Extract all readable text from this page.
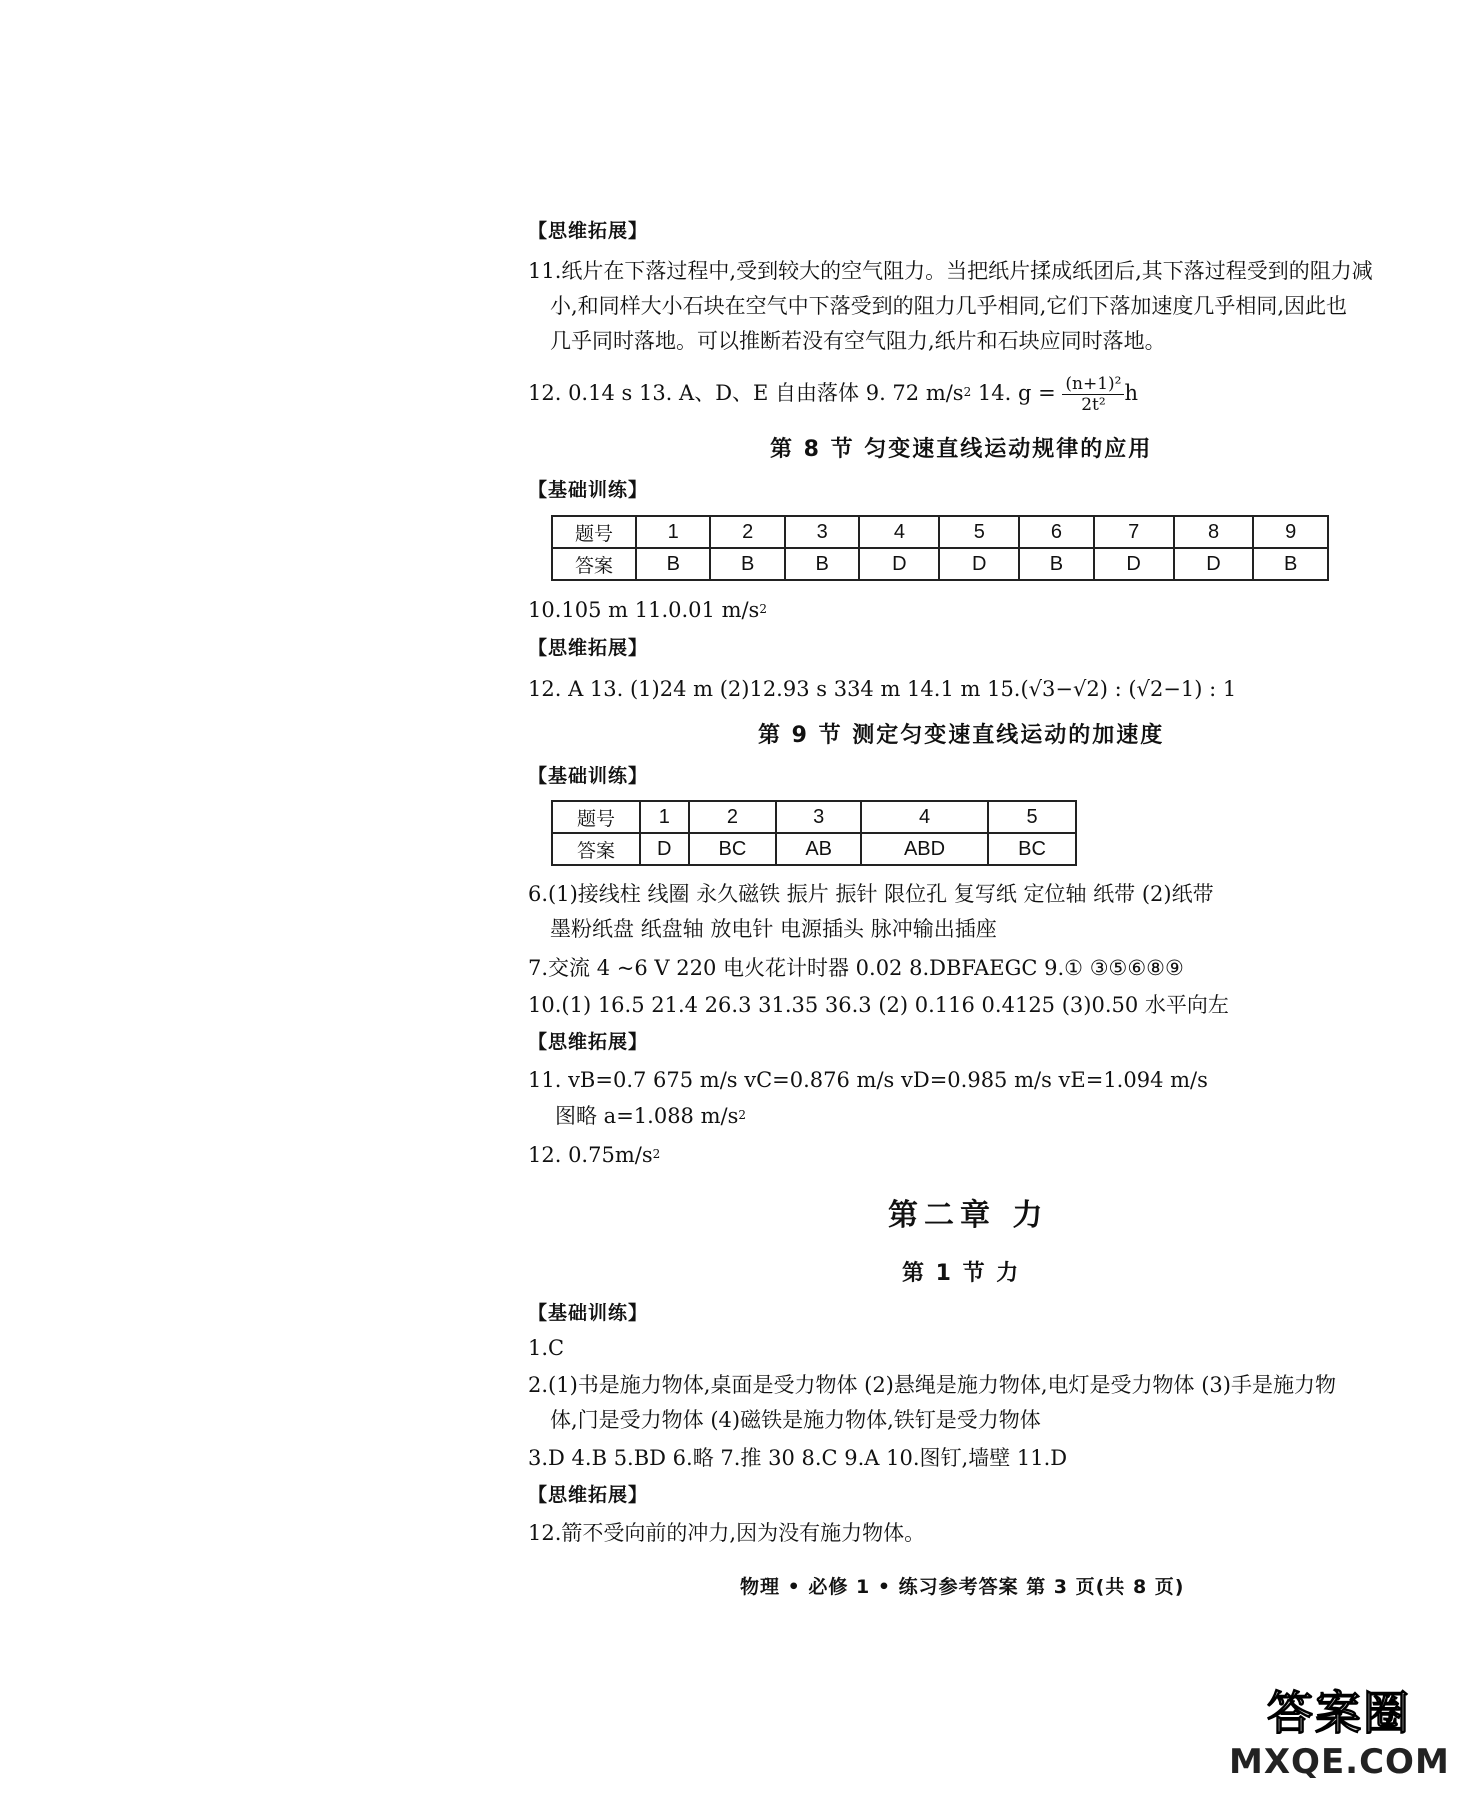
【思维拓展】
11.纸片在下落过程中,受到较大的空气阻力。当把纸片揉成纸团后,其下落过程受到的阻力减
小,和同样大小石块在空气中下落受到的阻力几乎相同,它们下落加速度几乎相同,因此也
几乎同时落地。可以推断若没有空气阻力,纸片和石块应同时落地。
12. 0.14 s 13. A、D、E 自由落体 9. 72 $m/s^2$ 14. $g = \frac{\text{(n+1)²}}{\text{2t²}}$ h
第 8 节 匀变速直线运动规律的应用
【基础训练】
题号	1	2	3	4	5	6	7	8	9
答案	B	B	B	D	D	B	D	D	B
10.105 m 11.0.01 $m/s^2$
【思维拓展】
12. A 13. (1)24 m (2)12.93 s 334 m 14.1 m 15.(√3−√2) : (√2−1) : 1
第 9 节 测定匀变速直线运动的加速度
【基础训练】
题号	1	2	3	4	5
答案	D	BC	AB	ABD	BC
6.(1)接线柱 线圈 永久磁铁 振片 振针 限位孔 复写纸 定位轴 纸带 (2)纸带
墨粉纸盘 纸盘轴 放电针 电源插头 脉冲输出插座
7.交流 4 ~6 V 220 电火花计时器 0.02 8.DBFAEGC 9.① ③⑤⑥⑧⑨
10.(1) 16.5 21.4 26.3 31.35 36.3 (2) 0.116 0.4125 (3)0.50 水平向左
【思维拓展】
11. vB=0.7 675 m/s vC=0.876 m/s vD=0.985 m/s vE=1.094 m/s
图略 a=1.088 $m/s^2$
12. $0.75m/s^2$
第二章 力
第 1 节 力
【基础训练】
1.C
2.(1)书是施力物体,桌面是受力物体 (2)悬绳是施力物体,电灯是受力物体 (3)手是施力物
体,门是受力物体 (4)磁铁是施力物体,铁钉是受力物体
3.D 4.B 5.BD 6.略 7.推 30 8.C 9.A 10.图钉,墙壁 11.D
【思维拓展】
12.箭不受向前的冲力,因为没有施力物体。
物理 • 必修 1 • 练习参考答案 第 3 页(共 8 页)
答案圈
MXQE.COM
